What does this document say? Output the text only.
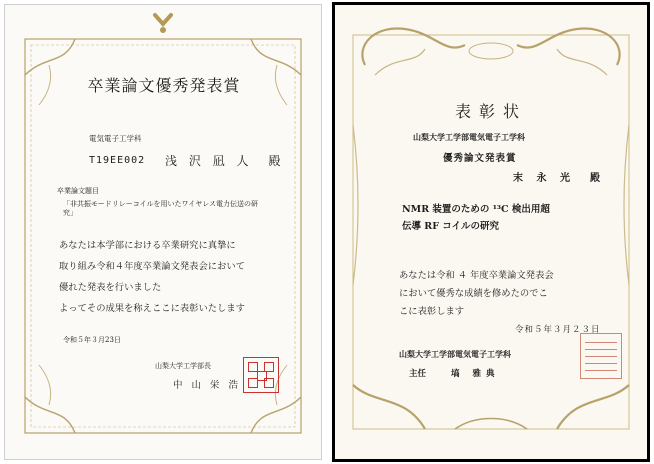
卒業論文優秀発表賞
電気電子工学科
T19EE002 浅 沢 凪 人　殿
卒業論文題目
「非共振モードリレーコイルを用いたワイヤレス電力伝送の研究」
あなたは本学部における卒業研究に真摯に
取り組み令和４年度卒業論文発表会において
優れた発表を行いました
よってその成果を称えここに表彰いたします
令和５年３月23日
山梨大学工学部長
中 山 栄 浩
表彰状
山梨大学工学部電気電子工学科
優秀論文発表賞
末 永 光　殿
NMR 装置のための ¹³C 検出用超
伝導 RF コイルの研究
あなたは令和 ４ 年度卒業論文発表会
において優秀な成績を修めたのでこ
こに表彰します
令和５年３月２３日
山梨大学工学部電気電子工学科
主任	塙 雅典
